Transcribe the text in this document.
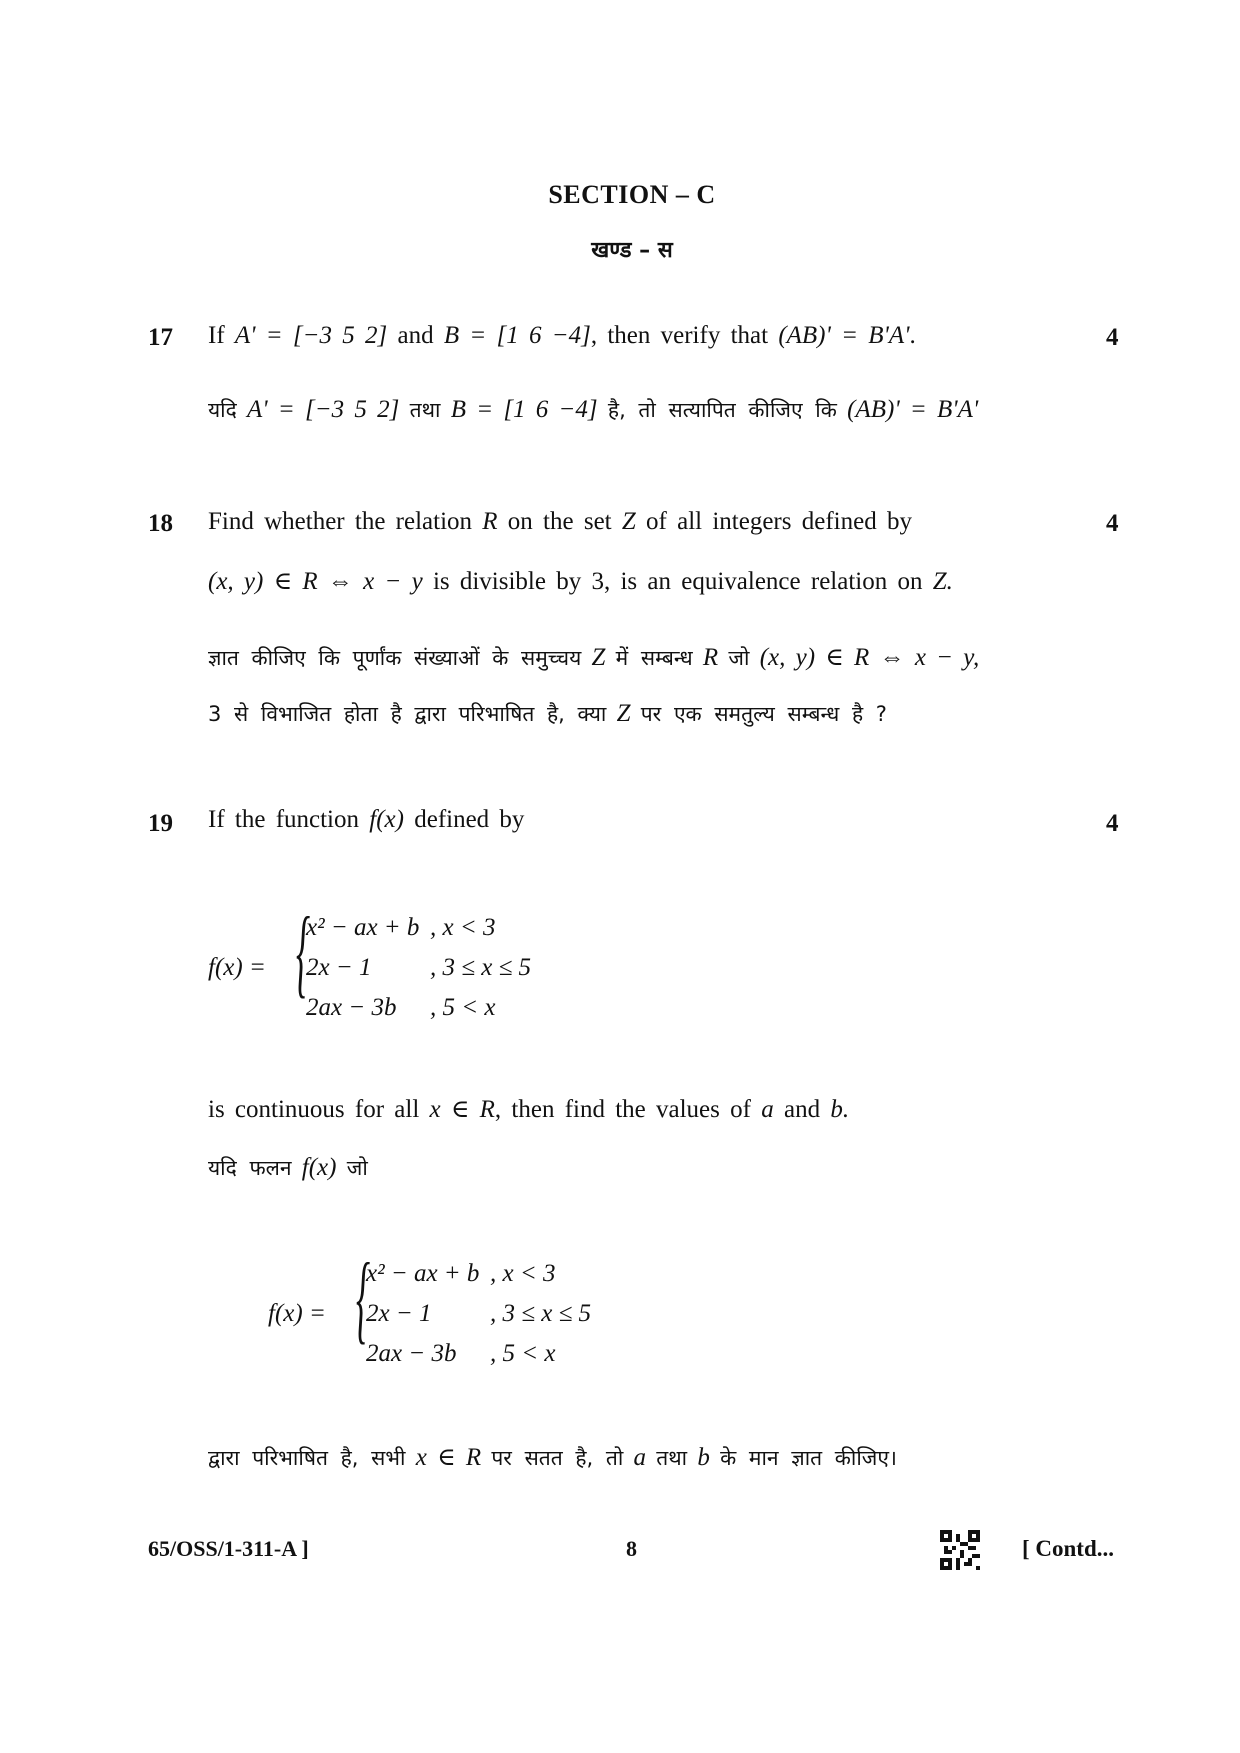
SECTION – C
खण्ड – स
17	4
If A' = [−3 5 2] and B = [1 6 −4], then verify that (AB)' = B'A'.
यदि A' = [−3 5 2] तथा B = [1 6 −4] है, तो सत्यापित कीजिए कि (AB)' = B'A'
18	4
Find whether the relation R on the set Z of all integers defined by
(x, y) ∈ R ⇔ x − y is divisible by 3, is an equivalence relation on Z.
ज्ञात कीजिए कि पूर्णांक संख्याओं के समुच्चय Z में सम्बन्ध R जो (x, y) ∈ R ⇔ x − y,
3 से विभाजित होता है द्वारा परिभाषित है, क्या Z पर एक समतुल्य सम्बन्ध है ?
19	4
If the function f(x) defined by
f(x) = {
x² − ax + b , x < 3
2x − 1 , 3 ≤ x ≤ 5
2ax − 3b , 5 < x
is continuous for all x ∈ R, then find the values of a and b.
यदि फलन f(x) जो
f(x) = {
x² − ax + b , x < 3
2x − 1 , 3 ≤ x ≤ 5
2ax − 3b , 5 < x
द्वारा परिभाषित है, सभी x ∈ R पर सतत है, तो a तथा b के मान ज्ञात कीजिए।
65/OSS/1-311-A ]	8	[ Contd...
